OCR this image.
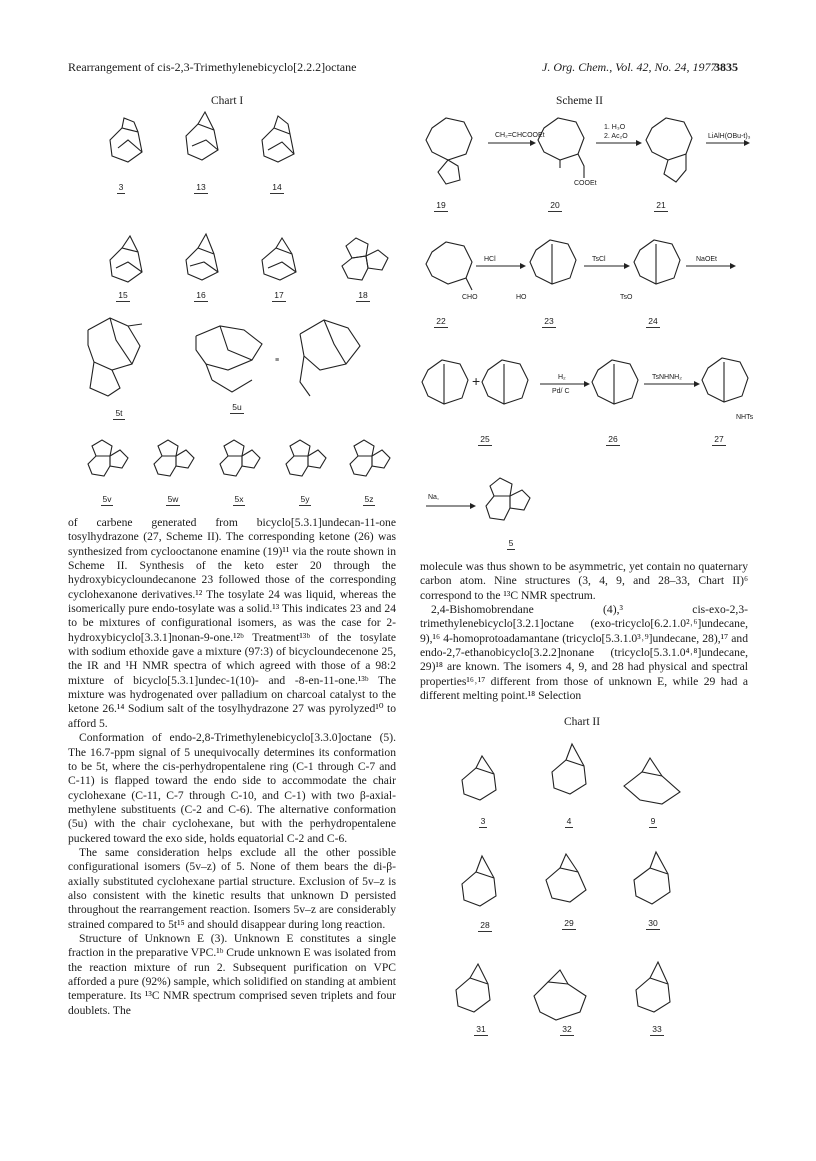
Rearrangement of cis-2,3-Trimethylenebicyclo[2.2.2]octane	J. Org. Chem., Vol. 42, No. 24, 1977
3835
Chart I
≡
3	13	14
15	16	17	18
5t
5u
5v	5w	5x	5y	5z
Scheme II
+
CH₂=CHCOOEt
1. H₃O
2. Ac₂O	LiAlH(OBu-t)₃
HCl	TsCl	NaOEt
H₂
Pd/ C
TsNHNH₂
Na,
COOEt
CHO	HO	TsO
NHTs
19	20	21
22	23	24
25	26	27
5

of carbene generated from bicyclo[5.3.1]undecan-11-one tosylhydrazone (27, Scheme II). The corresponding ketone (26) was synthesized from cyclooctanone enamine (19)¹¹ via the route shown in Scheme II. Synthesis of the keto ester 20 through the hydroxybicycloundecanone 23 followed those of the corresponding cyclohexanone derivatives.¹² The tosylate 24 was liquid, whereas the isomerically pure endo-tosylate was a solid.¹³ This indicates 23 and 24 to be mixtures of configurational isomers, as was the case for 2-hydroxybicyclo[3.3.1]nonan-9-one.¹²ᵇ Treatment¹³ᵇ of the tosylate with sodium ethoxide gave a mixture (97:3) of bicycloundecenone 25, the IR and ¹H NMR spectra of which agreed with those of a 98:2 mixture of bicyclo[5.3.1]undec-1(10)- and -8-en-11-one.¹³ᵇ The mixture was hydrogenated over palladium on charcoal catalyst to the ketone 26.¹⁴ Sodium salt of the tosylhydrazone 27 was pyrolyzed¹⁰ to afford 5.

Conformation of endo-2,8-Trimethylenebicyclo[3.3.0]octane (5). The 16.7-ppm signal of 5 unequivocally determines its conformation to be 5t, where the cis-perhydropentalene ring (C-1 through C-7 and C-11) is flapped toward the endo side to accommodate the chair cyclohexane (C-11, C-7 through C-10, and C-1) with two β-axial-methylene substituents (C-2 and C-6). The alternative conformation (5u) with the chair cyclohexane, but with the perhydropentalene puckered toward the exo side, holds equatorial C-2 and C-6.

The same consideration helps exclude all the other possible configurational isomers (5v–z) of 5. None of them bears the di-β-axially substituted cyclohexane partial structure. Exclusion of 5v–z is also consistent with the kinetic results that unknown D persisted throughout the rearrangement reaction. Isomers 5v–z are considerably strained compared to 5t¹⁵ and should disappear during long reaction.

Structure of Unknown E (3). Unknown E constitutes a single fraction in the preparative VPC.¹ᵇ Crude unknown E was isolated from the reaction mixture of run 2. Subsequent purification on VPC afforded a pure (92%) sample, which solidified on standing at ambient temperature. Its ¹³C NMR spectrum comprised seven triplets and four doublets. The

molecule was thus shown to be asymmetric, yet contain no quaternary carbon atom. Nine structures (3, 4, 9, and 28–33, Chart II)⁶ correspond to the ¹³C NMR spectrum.

2,4-Bishomobrendane (4),³ cis-exo-2,3-trimethylenebicyclo[3.2.1]octane (exo-tricyclo[6.2.1.0²˒⁶]undecane, 9),¹⁶ 4-homoprotoadamantane (tricyclo[5.3.1.0³˒⁹]undecane, 28),¹⁷ and endo-2,7-ethanobicyclo[3.2.2]nonane (tricyclo[5.3.1.0⁴˒⁸]undecane, 29)¹⁸ are known. The isomers 4, 9, and 28 had physical and spectral properties¹⁶˒¹⁷ different from those of unknown E, while 29 had a different melting point.¹⁸ Selection

Chart II
3	4	9
28	29	30
31	32	33
